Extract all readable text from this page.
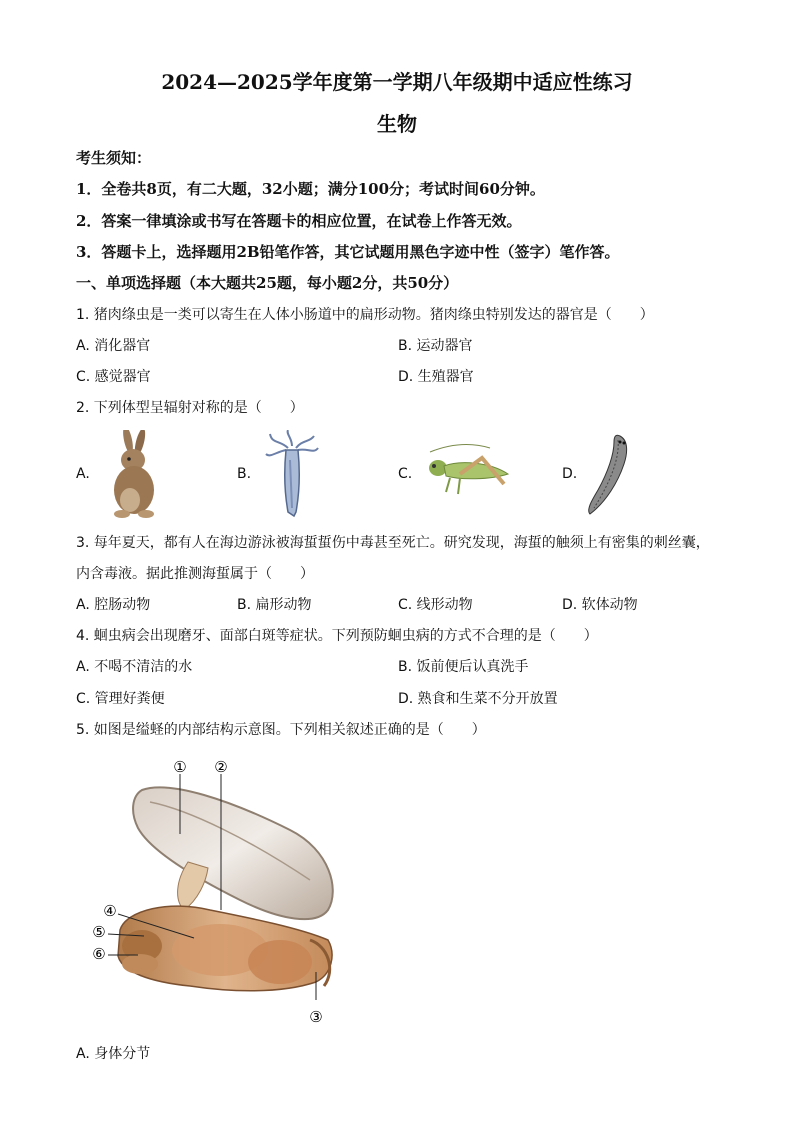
2024—2025学年度第一学期八年级期中适应性练习
生物
考生须知：
1．全卷共8页，有二大题，32小题；满分100分；考试时间60分钟。
2．答案一律填涂或书写在答题卡的相应位置，在试卷上作答无效。
3．答题卡上，选择题用2B铅笔作答，其它试题用黑色字迹中性（签字）笔作答。
一、单项选择题（本大题共25题，每小题2分，共50分）
1. 猪肉绦虫是一类可以寄生在人体小肠道中的扁形动物。猪肉绦虫特别发达的器官是（　　）
A. 消化器官	B. 运动器官
C. 感觉器官	D. 生殖器官
2. 下列体型呈辐射对称的是（　　）
A.	B.	C.	D.
3. 每年夏天，都有人在海边游泳被海蜇蜇伤中毒甚至死亡。研究发现，海蜇的触须上有密集的刺丝囊，
内含毒液。据此推测海蜇属于（　　）
A. 腔肠动物	B. 扁形动物	C. 线形动物	D. 软体动物
4. 蛔虫病会出现磨牙、面部白斑等症状。下列预防蛔虫病的方式不合理的是（　　）
A. 不喝不清洁的水	B. 饭前便后认真洗手
C. 管理好粪便	D. 熟食和生菜不分开放置
5. 如图是缢蛏的内部结构示意图。下列相关叙述正确的是（　　）
① ②
③
④
⑤
⑥
A. 身体分节
